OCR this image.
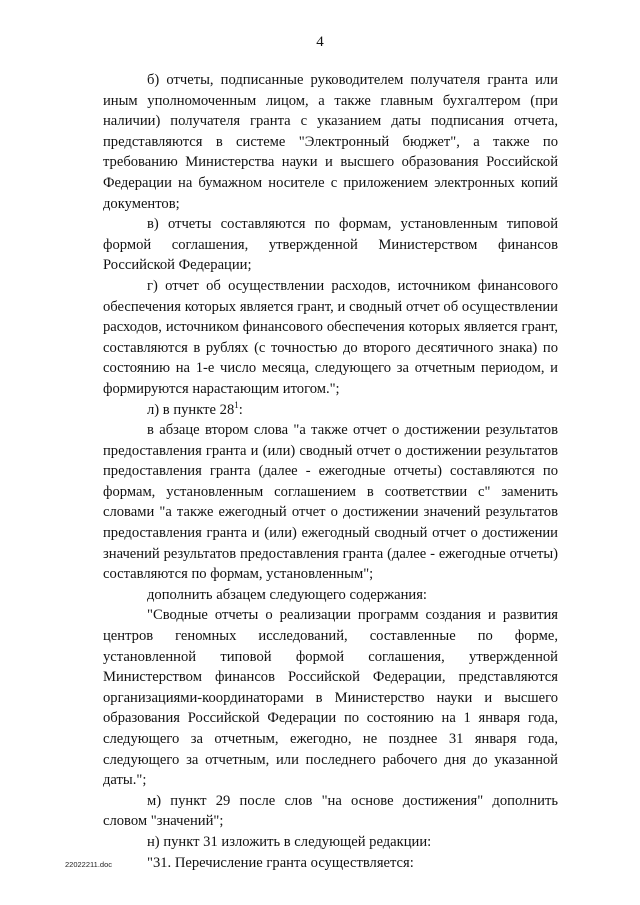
4

б) отчеты, подписанные руководителем получателя гранта или иным уполномоченным лицом, а также главным бухгалтером (при наличии) получателя гранта с указанием даты подписания отчета, представляются в системе "Электронный бюджет", а также по требованию Министерства науки и высшего образования Российской Федерации на бумажном носителе с приложением электронных копий документов;

в) отчеты составляются по формам, установленным типовой формой соглашения, утвержденной Министерством финансов Российской Федерации;

г) отчет об осуществлении расходов, источником финансового обеспечения которых является грант, и сводный отчет об осуществлении расходов, источником финансового обеспечения которых является грант, составляются в рублях (с точностью до второго десятичного знака) по состоянию на 1-е число месяца, следующего за отчетным периодом, и формируются нарастающим итогом.";

л) в пункте $28^1$:

в абзаце втором слова "а также отчет о достижении результатов предоставления гранта и (или) сводный отчет о достижении результатов предоставления гранта (далее - ежегодные отчеты) составляются по формам, установленным соглашением в соответствии с" заменить словами "а также ежегодный отчет о достижении значений результатов предоставления гранта и (или) ежегодный сводный отчет о достижении значений результатов предоставления гранта (далее - ежегодные отчеты) составляются по формам, установленным";

дополнить абзацем следующего содержания:

"Сводные отчеты о реализации программ создания и развития центров геномных исследований, составленные по форме, установленной типовой формой соглашения, утвержденной Министерством финансов Российской Федерации, представляются организациями-координаторами в Министерство науки и высшего образования Российской Федерации по состоянию на 1 января года, следующего за отчетным, ежегодно, не позднее 31 января года, следующего за отчетным, или последнего рабочего дня до указанной даты.";

м) пункт 29 после слов "на основе достижения" дополнить словом "значений";

н) пункт 31 изложить в следующей редакции:

"31. Перечисление гранта осуществляется:

22022211.doc
